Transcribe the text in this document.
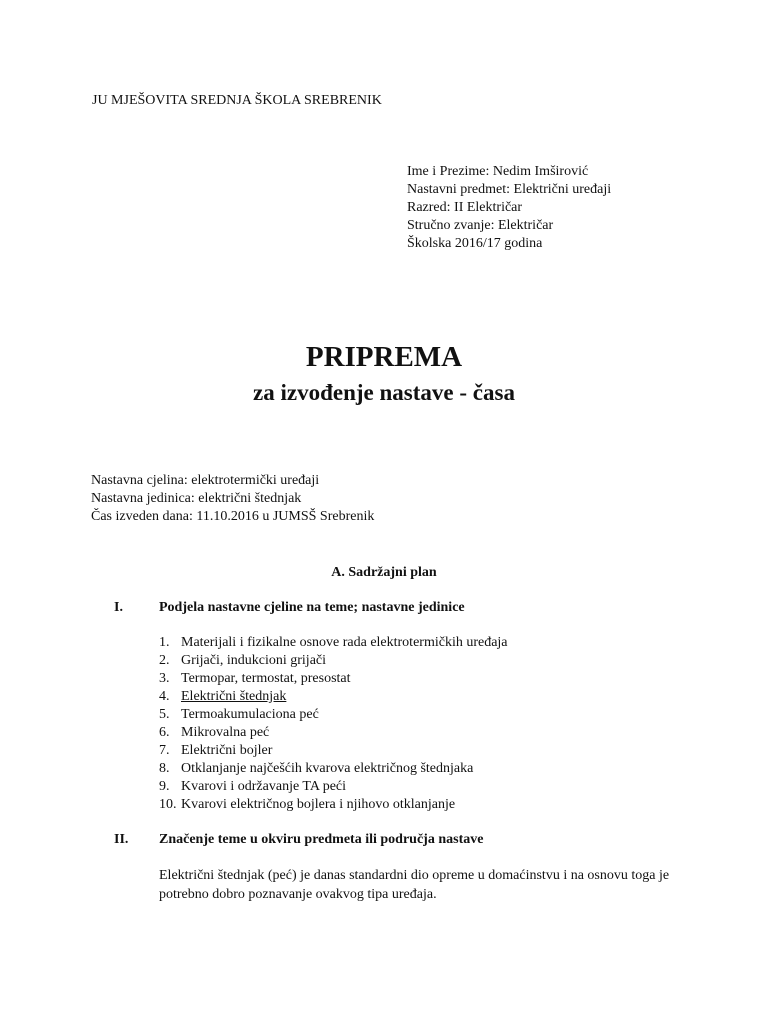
JU MJEŠOVITA SREDNJA ŠKOLA SREBRENIK
Ime i Prezime: Nedim Imširović
Nastavni predmet: Električni uređaji
Razred: II Električar
Stručno zvanje: Električar
Školska 2016/17 godina
PRIPREMA
za izvođenje nastave - časa
Nastavna cjelina: elektrotermički uređaji
Nastavna jedinica: električni štednjak
Čas izveden dana: 11.10.2016 u JUMSŠ Srebrenik
A. Sadržajni plan
I.	Podjela nastavne cjeline na teme; nastavne jedinice
1. Materijali i fizikalne osnove rada elektrotermičkih uređaja
2. Grijači, indukcioni grijači
3. Termopar, termostat, presostat
4. Električni štednjak
5. Termoakumulaciona peć
6. Mikrovalna peć
7. Električni bojler
8. Otklanjanje najčešćih kvarova električnog štednjaka
9. Kvarovi i održavanje TA peći
10. Kvarovi električnog bojlera i njihovo otklanjanje
II. Značenje teme u okviru predmeta ili područja nastave
Električni štednjak (peć) je danas standardni dio opreme u domaćinstvu i na osnovu toga je potrebno dobro poznavanje ovakvog tipa uređaja.
